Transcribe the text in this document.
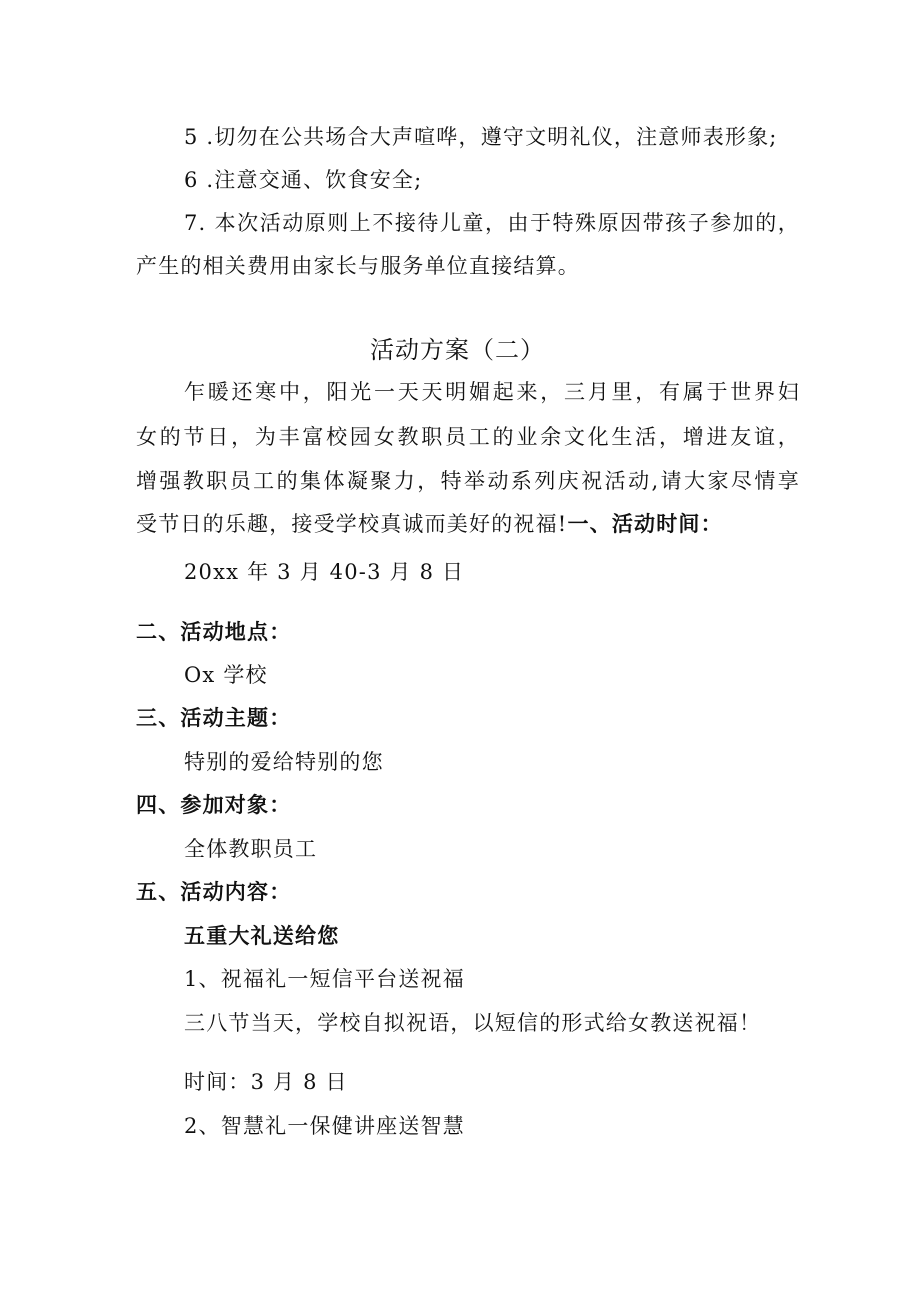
5 .切勿在公共场合大声喧哗，遵守文明礼仪，注意师表形象;
6 .注意交通、饮食安全;
7. 本次活动原则上不接待儿童，由于特殊原因带孩子参加的，
产生的相关费用由家长与服务单位直接结算。
活动方案（二）
乍暖还寒中，阳光一天天明媚起来，三月里，有属于世界妇
女的节日，为丰富校园女教职员工的业余文化生活，增进友谊，
增强教职员工的集体凝聚力，特举动系列庆祝活动,请大家尽情享
受节日的乐趣，接受学校真诚而美好的祝福!一、活动时间：
20xx 年 3 月 40-3 月 8 日
二、活动地点：
Ox 学校
三、活动主题：
特别的爱给特别的您
四、参加对象：
全体教职员工
五、活动内容：
五重大礼送给您
1、祝福礼一短信平台送祝福
三八节当天，学校自拟祝语，以短信的形式给女教送祝福！
时间：3 月 8 日
2、智慧礼一保健讲座送智慧
